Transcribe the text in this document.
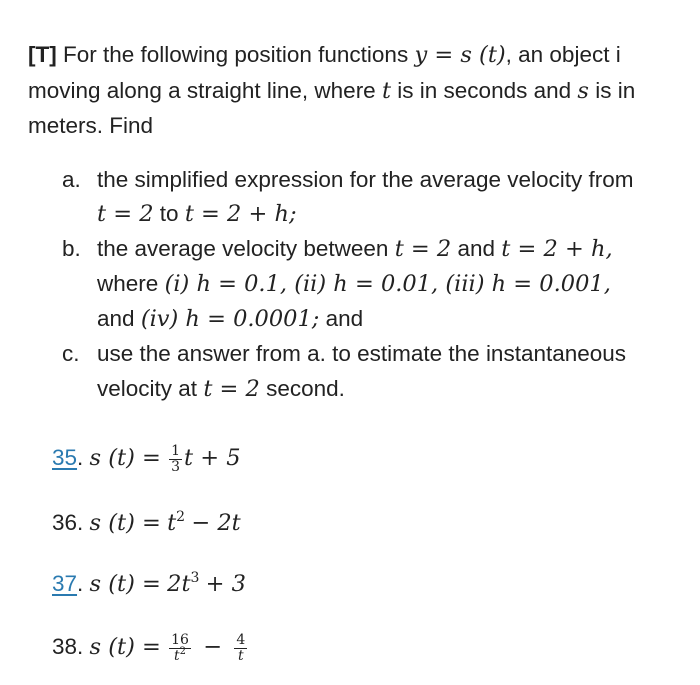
[T] For the following position functions y = s (t), an object i
moving along a straight line, where t is in seconds and s is in
meters. Find
a. the simplified expression for the average velocity from
t = 2 to t = 2 + h;
b. the average velocity between t = 2 and t = 2 + h,
where (i) h = 0.1, (ii) h = 0.01, (iii) h = 0.001,
and (iv) h = 0.0001; and
c. use the answer from a. to estimate the instantaneous
velocity at t = 2 second.
35. s $(t) = \frac{1}{3}$ t + 5
36. s $(t) = t^2 - 2t$
37. s $(t) = 2t^3 + 3$
38. s $(t) = \frac{16}{t^2} - \frac{4}{t}$
